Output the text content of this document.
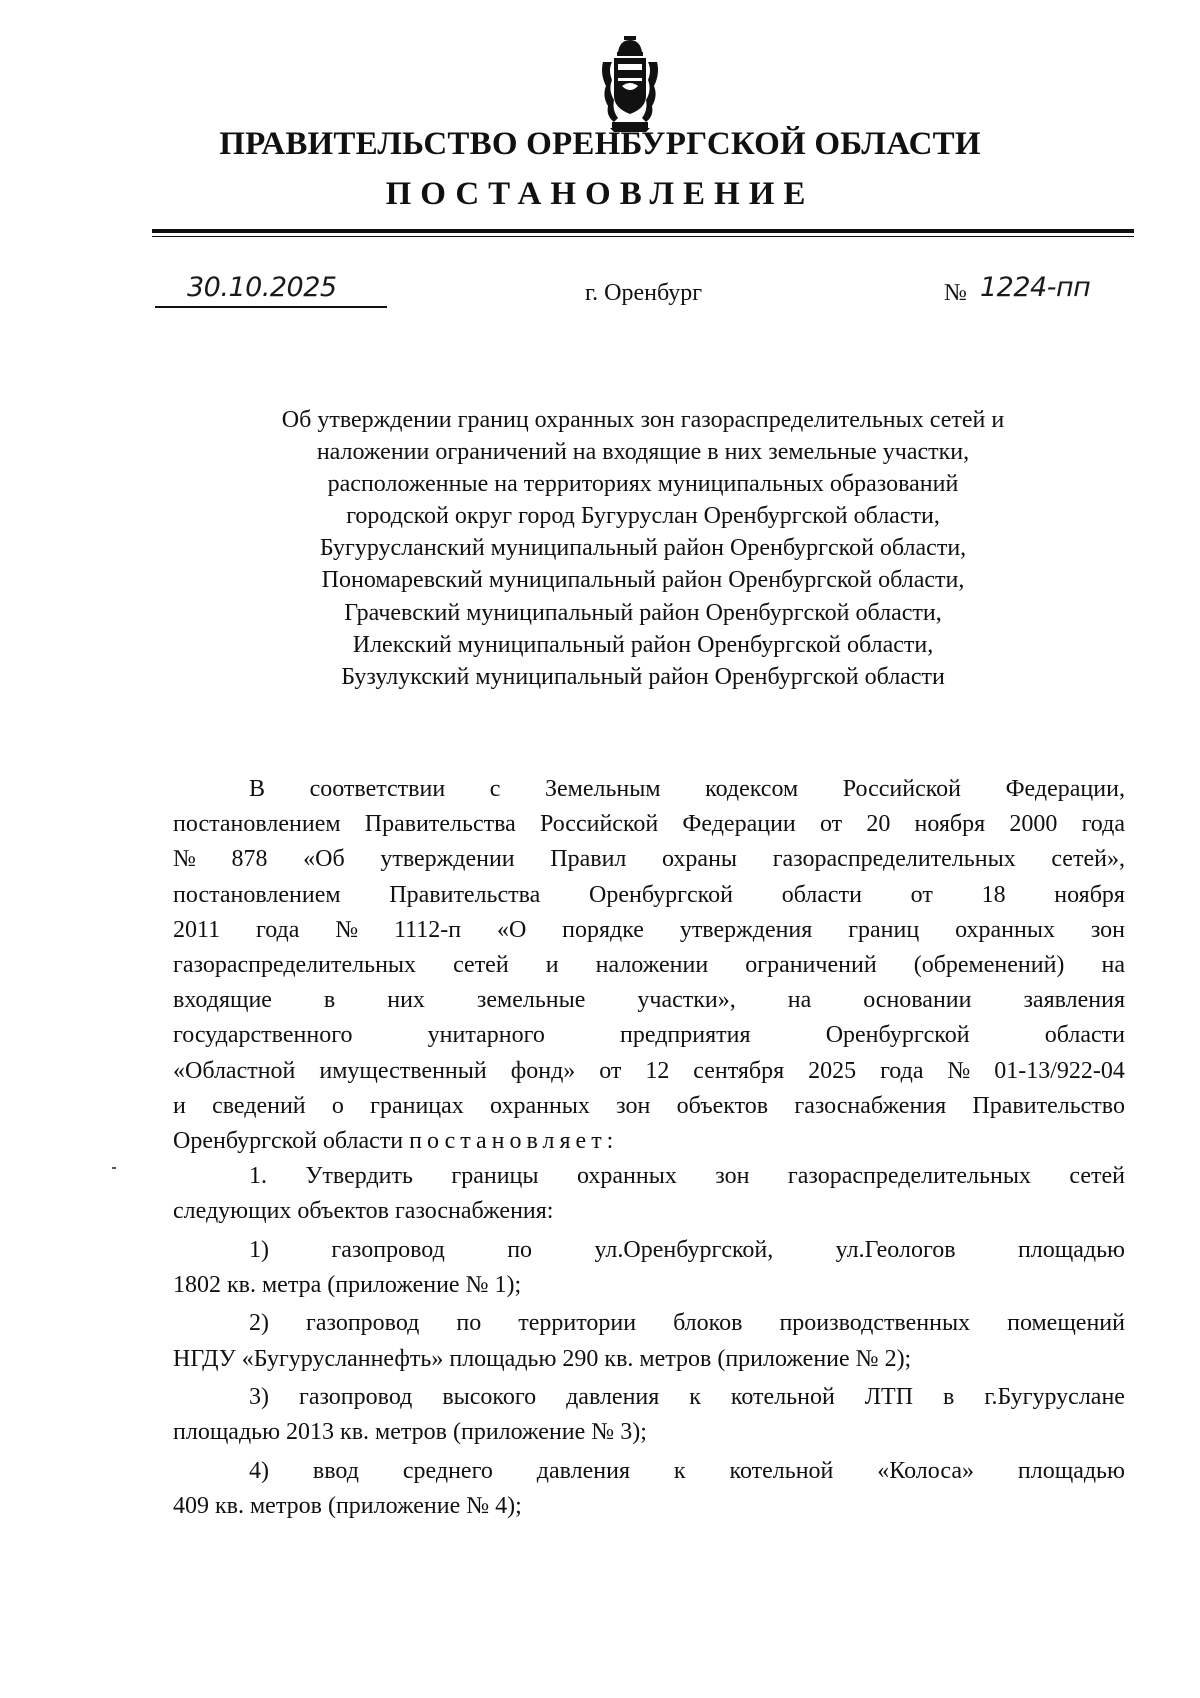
ПРАВИТЕЛЬСТВО ОРЕНБУРГСКОЙ ОБЛАСТИ
ПОСТАНОВЛЕНИЕ
30.10.2025	г. Оренбург	№ 1224-пп
Об утверждении границ охранных зон газораспределительных сетей и
наложении ограничений на входящие в них земельные участки,
расположенные на территориях муниципальных образований
городской округ город Бугуруслан Оренбургской области,
Бугурусланский муниципальный район Оренбургской области,
Пономаревский муниципальный район Оренбургской области,
Грачевский муниципальный район Оренбургской области,
Илекский муниципальный район Оренбургской области,
Бузулукский муниципальный район Оренбургской области
В соответствии с Земельным кодексом Российской Федерации,
постановлением Правительства Российской Федерации от 20 ноября 2000 года
№ 878 «Об утверждении Правил охраны газораспределительных сетей»,
постановлением Правительства Оренбургской области от 18 ноября
2011 года № 1112-п «О порядке утверждения границ охранных зон
газораспределительных сетей и наложении ограничений (обременений) на
входящие в них земельные участки», на основании заявления
государственного	унитарного	предприятия	Оренбургской	области
«Областной имущественный фонд» от 12 сентября 2025 года № 01-13/922-04
и сведений о границах охранных зон объектов газоснабжения Правительство
Оренбургской области постановляет:
1. Утвердить границы охранных зон газораспределительных сетей
следующих объектов газоснабжения:
1)	газопровод	по	ул.Оренбургской,	ул.Геологов	площадью
1802 кв. метра (приложение № 1);
2) газопровод по территории блоков производственных помещений
НГДУ «Бугурусланнефть» площадью 290 кв. метров (приложение № 2);
3) газопровод высокого давления к котельной ЛТП в г.Бугуруслане
площадью 2013 кв. метров (приложение № 3);
4) ввод среднего давления к котельной «Колоса» площадью
409 кв. метров (приложение № 4);
